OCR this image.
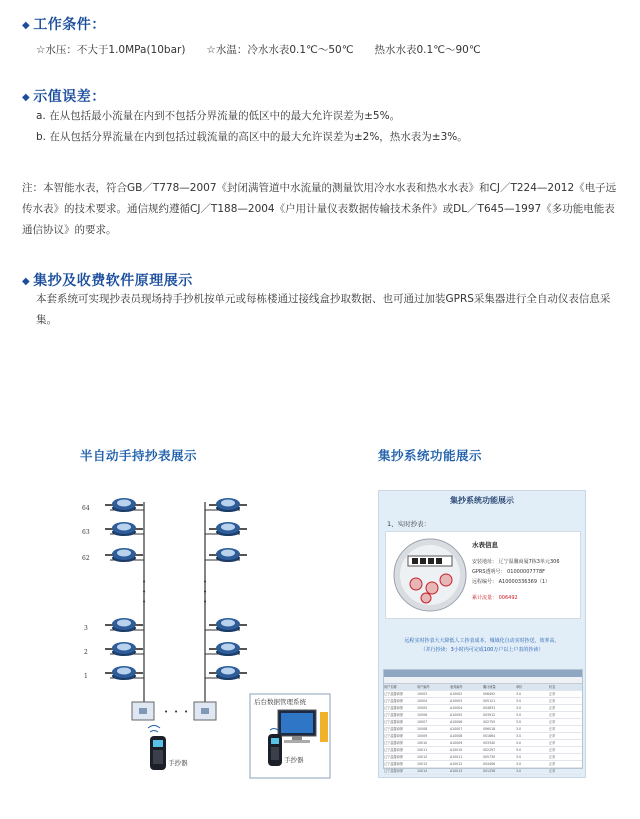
◆ 工作条件：
☆水压：不大于1.0MPa(10bar)　　☆水温：冷水水表0.1℃～50℃　　热水水表0.1℃～90℃
◆ 示值误差：
a. 在从包括最小流量在内到不包括分界流量的低区中的最大允许误差为±5%。
b. 在从包括分界流量在内到包括过载流量的高区中的最大允许误差为±2%，热水表为±3%。
注：本智能水表，符合GB／T778—2007《封闭满管道中水流量的测量饮用冷水水表和热水水表》和CJ／T224—2012《电子远传水表》的技术要求。通信规约遵循CJ／T188—2004《户用计量仪表数据传输技术条件》或DL／T645—1997《多功能电能表通信协议》的要求。
◆ 集抄及收费软件原理展示
本套系统可实现抄表员现场持手抄机按单元或每栋楼通过接线盒抄取数据、也可通过加装GPRS采集器进行全自动仪表信息采集。
半自动手持抄表展示	集抄系统功能展示
64
63
62
3
2
1
•
•
•
•
•
•
• • •
手抄器
后台数据管理系统
手抄器
集抄系统功能展示
1、实时抄表：
水表信息
安装地址： 辽宁温馨商厦7栋3单元306
GPRS透明号： 01000007778F
远程编号： A10000336369（1）
累计流量： 006492
远程实时抄表大大降低人工抄表成本、城域化自动实时抄送，效率高。
（并行抄读：3小时内可完成100万户以上户表的抄读）
用户名称	用户编号	表具编号	累计流量	单价	状态
辽宁温馨商厦	10003	A10002	006492	3.0	正常
辽宁温馨商厦	10004	A10003	005121	3.0	正常
辽宁温馨商厦	10005	A10004	004833	3.0	正常
辽宁温馨商厦	10006	A10005	003912	3.0	正常
辽宁温馨商厦	10007	A10006	002755	3.0	正常
辽宁温馨商厦	10008	A10007	006018	3.0	正常
辽宁温馨商厦	10009	A10008	001864	3.0	正常
辽宁温馨商厦	10010	A10009	003340	3.0	正常
辽宁温馨商厦	10011	A10010	002297	3.0	正常
辽宁温馨商厦	10012	A10011	005730	3.0	正常
辽宁温馨商厦	10013	A10012	004406	3.0	正常
辽宁温馨商厦	10014	A10013	001258	3.0	正常
